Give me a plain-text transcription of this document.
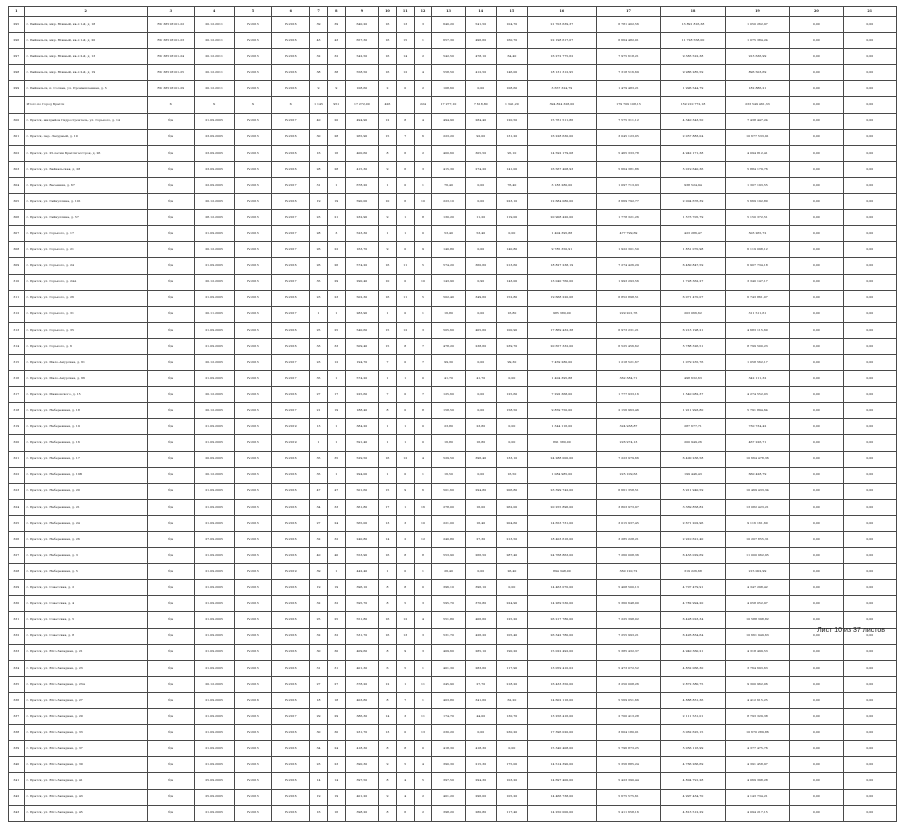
1	2	3	4	5	6	7	8	9	10	11	12	13	14	15	16	17	18	19	20	21
295	г. Байкальск, мкр. Южный, кв-л 1-й, д. 18	RU 38518101-22	20.12.2011	IV.2015	IV.2016	39	39	640,20	16	13	3	640,20	541,50	104,70	21 703 639,37	6 781 402,56	13 891 816,38	1 050 262,97	0,00	0,00
296	г. Байкальск, мкр. Южный, кв-л 1-й, д. 20	RU 38518101-23	20.12.2011	IV.2015	IV.2016	43	43	657,30	16	15	1	657,30	496,60	160,70	22 198 617,07	6 664 482,01	11 728 558,00	1 075 384,24	0,00	0,00
297	г. Байкальск, мкр. Южный, кв-л 2-й, д. 13	RU 38518101-24	20.12.2011	IV.2015	IV.2016	32	32	542,50	16	14	2	542,50	478,10	64,40	16 272 775,62	7 975 618,21	9 383 522,38	913 636,99	0,00	0,00
298	г. Байкальск, мкр. Южный, кв-л 2-й, д. 19	RU 38518101-25	20.12.2011	IV.2015	IV.2016	38	38	558,50	16	12	4	558,50	412,50	146,00	18 131 312,95	7 318 516,69	9 986 285,59	896 503,69	0,00	0,00
299	г. Байкальск, п. Солзан, ул. Промышленная, д. 5	RU 38518101-29	20.12.2011	IV.2015	IV.2016	9	9	108,60	2	0	2	108,60	0,00	108,60	3 657 324,79	1 479 483,21	1 996 544,79	182 886,21	0,00	0,00
	Итого по Город Братск	X	X	X	X	1 145	951	17 272,00	426		224	17 277,10	7 618,80	1 341,20	394 824 328,00	179 709 108,15	159 210 772,18	233 549 461,33	0,00	0,00
300	г. Братск, жилрайон Гидростроитель, ул. Горького, д. 14	б/н	21.09.2005	IV.2015	IV.2017	40	20	494,90	12	8	4	494,90	284,40	120,50	15 761 511,86	7 575 311,12	4 340 343,50	7 438 447,24	0,00	0,00
301	г. Братск, пер. Лазурный, д. 19	б/н	23.09.2005	IV.2015	IV.2016	30	28	265,90	15	7	6	223,20	92,00	131,20	16 228 630,00	3 045 123,05	2 057 883,04	10 677 533,91	0,00	0,00
302	г. Братск, ул. 25-летия Братскгэсстроя, д. 26	б/н	23.09.2005	IV.2015	IV.2016	16	16	400,60	8	6	2	400,60	305,50	95,10	14 592 179,08	5 465 333,78	4 942 171,38	4 094 812,41	0,00	0,00
303	г. Братск, ул. Байкальская, д. 28	б/н	23.09.2005	IV.2015	IV.2016	28	28	415,30	9	6	3	415,30	274,20	141,00	16 567 408,93	5 664 381,86	5 019 640,36	5 884 179,76	0,00	0,00
304	г. Братск, ул. Весенняя, д. 67	б/н	22.09.2005	IV.2015	IV.2017	31	1	678,20	1	0	1	76,40	0,00	76,40	3 183 280,00	1 097 713,93	938 524,94	1 307 193,55	0,00	0,00
305	г. Братск, ул. Гайнуллина, д. 101	б/н	20.12.2005	IV.2015	IV.2016	19	19	590,00	10	6	10	223,10	0,00	223,10	12 684 080,00	3 669 792,77	2 004 676,39	5 669 192,80	0,00	0,00
306	г. Братск, ул. Гайнуллина, д. 57	б/н	28.12.2005	IV.2015	IV.2017	23	21	232,90	9	1	8	130,20	11,20	119,00	20 908 420,00	1 778 321,26	1 573 705,79	5 150 372,51	0,00	0,00
307	г. Братск, ул. Горького, д. 17	б/н	21.09.2005	IV.2015	IV.2017	28	3	523,30	1	1	0	53,40	53,40	0,00	1 404 395,88	477 799,69	423 286,47	503 265,72	0,00	0,00
308	г. Братск, ул. Горького, д. 21	б/н	20.12.2005	IV.2015	IV.2017	26	22	163,70	9	0	9	140,80	0,00	140,80	9 785 350,91	1 922 301,50	1 851 070,98	6 119 098,12	0,00	0,00
309	г. Братск, ул. Горького, д. 24	б/н	21.09.2005	IV.2015	IV.2016	26	26	574,20	16	11	5	574,20	360,60	213,60	18 827 238,19	7 274 426,29	6 460 847,59	6 907 734,18	0,00	0,00
310	г. Братск, ул. Горького, д. 24А	б/н	20.12.2005	IV.2015	IV.2017	35	29	290,40	10	0	10	143,90	0,90	143,00	13 040 760,00	1 993 293,56	1 728 362,27	3 340 147,17	0,00	0,00
311	г. Братск, ул. Горького, д. 26	б/н	21.09.2005	IV.2015	IV.2016	23	23	502,30	16	11	5	502,40	349,60	152,80	19 668 220,06	6 852 898,51	6 071 470,07	6 743 861,07	0,00	0,00
312	г. Братск, ул. Горького, д. 31	б/н	20.11.2005	IV.2015	IV.2017	1	1	283,90	1	0	1	16,80	0,00	16,80	985 380,00	229 201,76	203 066,62	311 511,61	0,00	0,00
313	г. Братск, ул. Горького, д. 35	б/н	21.09.2005	IV.2015	IV.2016	25	25	540,60	15	12	3	505,60	405,60	100,90	17 869 432,38	6 973 231,21	6 213 198,21	4 683 115,60	0,00	0,00
314	г. Братск, ул. Горького, д. 6	б/н	21.09.2005	IV.2015	IV.2016	33	33	509,40	15	8	7	478,20	238,60	239,70	20 657 332,00	6 525 456,62	5 788 326,51	8 799 500,23	0,00	0,00
315	г. Братск, ул. Мало-Амурская, д. 61	б/н	20.12.2005	IV.2015	IV.2017	23	12	194,70	7	0	7	99,30	0,00	99,30	7 459 280,00	1 218 521,67	1 079 235,76	1 058 562,17	0,00	0,00
316	г. Братск, ул. Мало-Амурская, д. 66	б/н	21.09.2005	IV.2015	IV.2017	35	1	574,20	1	1	0	41,70	41,70	0,00	1 404 395,88	362 384,71	498 632,63	342 111,32	0,00	0,00
317	г. Братск, ул. Маяковского, д. 15	б/н	20.12.2005	IV.2015	IV.2016	27	17	225,60	7	0	7	125,60	0,00	125,60	7 292 368,00	1 777 933,16	1 540 082,37	4 274 552,03	0,00	0,00
318	г. Братск, ул. Набережная, д. 18	б/н	20.12.2005	IV.2015	IV.2017	21	19	188,40	8	0	8	158,50	0,00	158,50	9 859 750,00	2 156 963,46	1 911 993,80	5 791 894,64	0,00	0,00
319	г. Братск, ул. Набережная, д. 19	б/н	21.09.2005	IV.2015	IV.2019	13	1	384,20	1	1	0	23,80	23,80	0,00	1 344 116,00	324 938,87	287 677,71	730 734,42	0,00	0,00
320	г. Братск, ул. Набережная, д. 16	б/н	21.09.2005	IV.2015	IV.2019	1	1	591,40	1	1	0	16,80	16,80	0,00	891 380,00	226 974,13	200 949,26	467 226,71	0,00	0,00
321	г. Братск, ул. Набережная, д. 17	б/н	20.09.2005	IV.2015	IV.2016	35	35	529,50	16	12	4	529,50	396,40	133,10	24 288 000,00	7 223 979,66	6 400 236,58	10 664 478,36	0,00	0,00
322	г. Братск, ул. Набережная, д. 19Б	б/н	20.12.2005	IV.2015	IV.2016	35	1	294,00	1	0	1	16,50	0,00	16,50	1 084 985,00	225 109,63	199 446,43	660 428,79	0,00	0,00
323	г. Братск, ул. Набережная, д. 20	б/н	21.09.2005	IV.2015	IV.2016	47	47	501,60	15	9	6	501,60	294,80	206,80	23 399 742,00	6 661 358,51	5 911 940,59	10 469 433,34	0,00	0,00
324	г. Братск, ул. Набережная, д. 21	б/н	21.09.2005	IV.2015	IV.2016	34	33	361,80	17	1	16	278,00	16,00	262,00	20 255 896,00	3 803 973,97	3 369 858,82	13 082 423,21	0,00	0,00
325	г. Братск, ул. Набережная, д. 24	б/н	21.09.2005	IV.2015	IV.2016	27	24	565,00	13	3	10	221,00	16,40	204,60	14 653 731,00	3 015 937,45	2 671 202,96	9 116 161,60	0,00	0,00
326	г. Братск, ул. Набережная, д. 26	б/н	27.09.2005	IV.2015	IV.2016	32	32	240,80	14	2	12	240,80	27,30	213,50	18 403 616,00	3 285 228,21	2 910 621,40	10 207 855,31	0,00	0,00
327	г. Братск, ул. Набережная, д. 3	б/н	21.09.2005	IV.2015	IV.2016	40	40	553,90	16	8	8	553,90	266,50	287,40	24 768 863,00	7 260 008,36	6 433 029,69	11 000 962,95	0,00	0,00
328	г. Братск, ул. Набережная, д. 5	б/н	21.09.2005	IV.2015	IV.2019	39	1	442,40	1	0	1	26,40	0,00	26,40	894 348,00	360 120,72	319 226,68	215 002,99	0,00	0,00
329	г. Братск, ул. Советская, д. 2	б/н	21.09.2005	IV.2015	IV.2016	19	19	396,10	8	8	0	396,10	396,10	0,00	14 463 070,00	5 408 500,13	4 707 479,91	4 347 298,42	0,00	0,00
330	г. Братск, ул. Советская, д. 4	б/н	21.09.2005	IV.2015	IV.2016	32	32	595,70	8	5	3	595,70	370,80	224,90	14 269 530,00	5 360 648,00	4 782 994,20	4 058 052,97	0,00	0,00
331	г. Братск, ул. Советская, д. 5	б/н	21.09.2005	IV.2015	IV.2016	25	25	551,80	16	12	4	551,80	406,60	125,20	26 217 780,00	7 225 398,02	6 428 023,34	10 588 398,82	0,00	0,00
332	г. Братск, ул. Советская, д. 8	б/н	21.09.2005	IV.2015	IV.2016	32	32	531,70	16	13	3	531,70	426,20	105,40	26 342 780,00	7 255 993,21	6 426 834,64	10 661 949,63	0,00	0,00
333	г. Братск, ул. Юго-Западная, д. 21	б/н	21.09.2005	IV.2015	IV.2016	30	30	409,60	8	9	3	409,60	285,10	190,20	15 022 492,00	5 385 432,37	4 940 360,21	4 318 499,53	0,00	0,00
334	г. Братск, ул. Юго-Западная, д. 23	б/н	21.09.2005	IV.2015	IV.2016	31	31	401,30	6	5	1	401,30	283,60	117,90	13 059 410,02	5 473 072,52	4 832 066,30	3 764 693,63	0,00	0,00
335	г. Братск, ул. Юго-Западная, д. 23А	б/н	20.12.2005	IV.2015	IV.2016	27	27	378,20	12	1	11	245,90	27,70	218,20	16 433 350,00	3 250 008,26	2 872 380,75	9 300 962,06	0,00	0,00
336	г. Братск, ул. Юго-Западная, д. 27	б/н	21.09.2005	IV.2016	IV.2016	18	18	403,80	8	7	1	403,80	341,60	62,20	14 602 116,00	5 569 051,66	4 888 831,36	4 412 615,25	0,00	0,00
337	г. Братск, ул. Юго-Западная, д. 29	б/н	21.09.2005	IV.2015	IV.2017	29	29	386,30	14	3	11	174,70	44,00	130,70	13 256 416,00	2 700 413,28	2 111 531,01	8 793 329,38	0,00	0,00
338	г. Братск, ул. Юго-Западная, д. 33	б/н	21.09.2005	IV.2015	IV.2016	30	30	231,70	13	0	13	230,20	0,00	230,20	17 396 020,00	3 604 180,01	3 062 625,15	10 670 289,86	0,00	0,00
339	г. Братск, ул. Юго-Западная, д. 37	б/н	21.09.2005	IV.2015	IV.2016	34	24	418,30	8	8	0	418,30	418,30	0,00	15 340 408,00	5 796 873,25	5 056 116,99	4 377 475,76	0,00	0,00
340	г. Братск, ул. Юго-Западная, д. 39	б/н	21.09.2005	IV.2015	IV.2016	23	23	390,30	9	5	4	390,30	215,30	175,00	14 514 390,00	5 356 885,24	4 766 266,69	4 391 458,97	0,00	0,00
341	г. Братск, ул. Юго-Западная, д. 41	б/н	25.09.2005	IV.2015	IV.2016	14	14	397,50	8	4	5	397,50	294,30	103,20	14 697 400,00	5 423 390,44	4 804 791,28	4 069 398,28	0,00	0,00
342	г. Братск, ул. Юго-Западная, д. 43	б/н	25.09.2005	IV.2015	IV.2016	19	19	401,20	9	4	2	401,20	296,00	105,20	14 466 738,00	5 675 575,61	4 997 434,70	4 143 734,21	0,00	0,00
343	г. Братск, ул. Юго-Западная, д. 45	б/н	21.09.2005	IV.2015	IV.2016	16	16	398,20	8	6	2	398,20	280,80	117,40	14 250 000,00	5 411 658,16	4 813 512,29	4 094 217,15	0,00	0,00
Лист 10 из 37 листов
